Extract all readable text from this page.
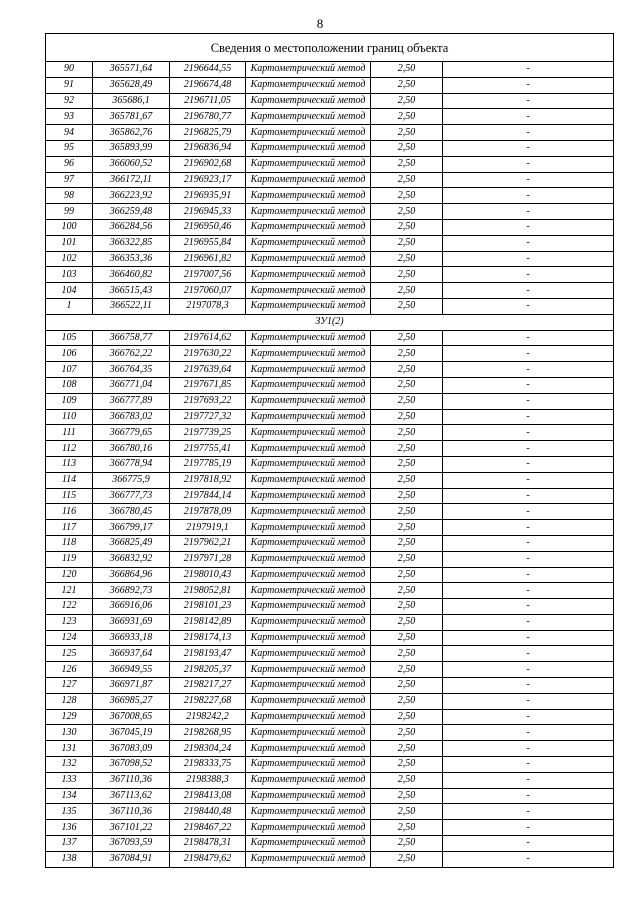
8
Сведения о местоположении границ объекта					
90	365571,64	2196644,55	Картометрический метод	2,50	-
91	365628,49	2196674,48	Картометрический метод	2,50	-
92	365686,1	2196711,05	Картометрический метод	2,50	-
93	365781,67	2196780,77	Картометрический метод	2,50	-
94	365862,76	2196825,79	Картометрический метод	2,50	-
95	365893,99	2196836,94	Картометрический метод	2,50	-
96	366060,52	2196902,68	Картометрический метод	2,50	-
97	366172,11	2196923,17	Картометрический метод	2,50	-
98	366223,92	2196935,91	Картометрический метод	2,50	-
99	366259,48	2196945,33	Картометрический метод	2,50	-
100	366284,56	2196950,46	Картометрический метод	2,50	-
101	366322,85	2196955,84	Картометрический метод	2,50	-
102	366353,36	2196961,82	Картометрический метод	2,50	-
103	366460,82	2197007,56	Картометрический метод	2,50	-
104	366515,43	2197060,07	Картометрический метод	2,50	-
1	366522,11	2197078,3	Картометрический метод	2,50	-
ЗУ1(2)					
105	366758,77	2197614,62	Картометрический метод	2,50	-
106	366762,22	2197630,22	Картометрический метод	2,50	-
107	366764,35	2197639,64	Картометрический метод	2,50	-
108	366771,04	2197671,85	Картометрический метод	2,50	-
109	366777,89	2197693,22	Картометрический метод	2,50	-
110	366783,02	2197727,32	Картометрический метод	2,50	-
111	366779,65	2197739,25	Картометрический метод	2,50	-
112	366780,16	2197755,41	Картометрический метод	2,50	-
113	366778,94	2197785,19	Картометрический метод	2,50	-
114	366775,9	2197818,92	Картометрический метод	2,50	-
115	366777,73	2197844,14	Картометрический метод	2,50	-
116	366780,45	2197878,09	Картометрический метод	2,50	-
117	366799,17	2197919,1	Картометрический метод	2,50	-
118	366825,49	2197962,21	Картометрический метод	2,50	-
119	366832,92	2197971,28	Картометрический метод	2,50	-
120	366864,96	2198010,43	Картометрический метод	2,50	-
121	366892,73	2198052,81	Картометрический метод	2,50	-
122	366916,06	2198101,23	Картометрический метод	2,50	-
123	366931,69	2198142,89	Картометрический метод	2,50	-
124	366933,18	2198174,13	Картометрический метод	2,50	-
125	366937,64	2198193,47	Картометрический метод	2,50	-
126	366949,55	2198205,37	Картометрический метод	2,50	-
127	366971,87	2198217,27	Картометрический метод	2,50	-
128	366985,27	2198227,68	Картометрический метод	2,50	-
129	367008,65	2198242,2	Картометрический метод	2,50	-
130	367045,19	2198268,95	Картометрический метод	2,50	-
131	367083,09	2198304,24	Картометрический метод	2,50	-
132	367098,52	2198333,75	Картометрический метод	2,50	-
133	367110,36	2198388,3	Картометрический метод	2,50	-
134	367113,62	2198413,08	Картометрический метод	2,50	-
135	367110,36	2198440,48	Картометрический метод	2,50	-
136	367101,22	2198467,22	Картометрический метод	2,50	-
137	367093,59	2198478,31	Картометрический метод	2,50	-
138	367084,91	2198479,62	Картометрический метод	2,50	-
